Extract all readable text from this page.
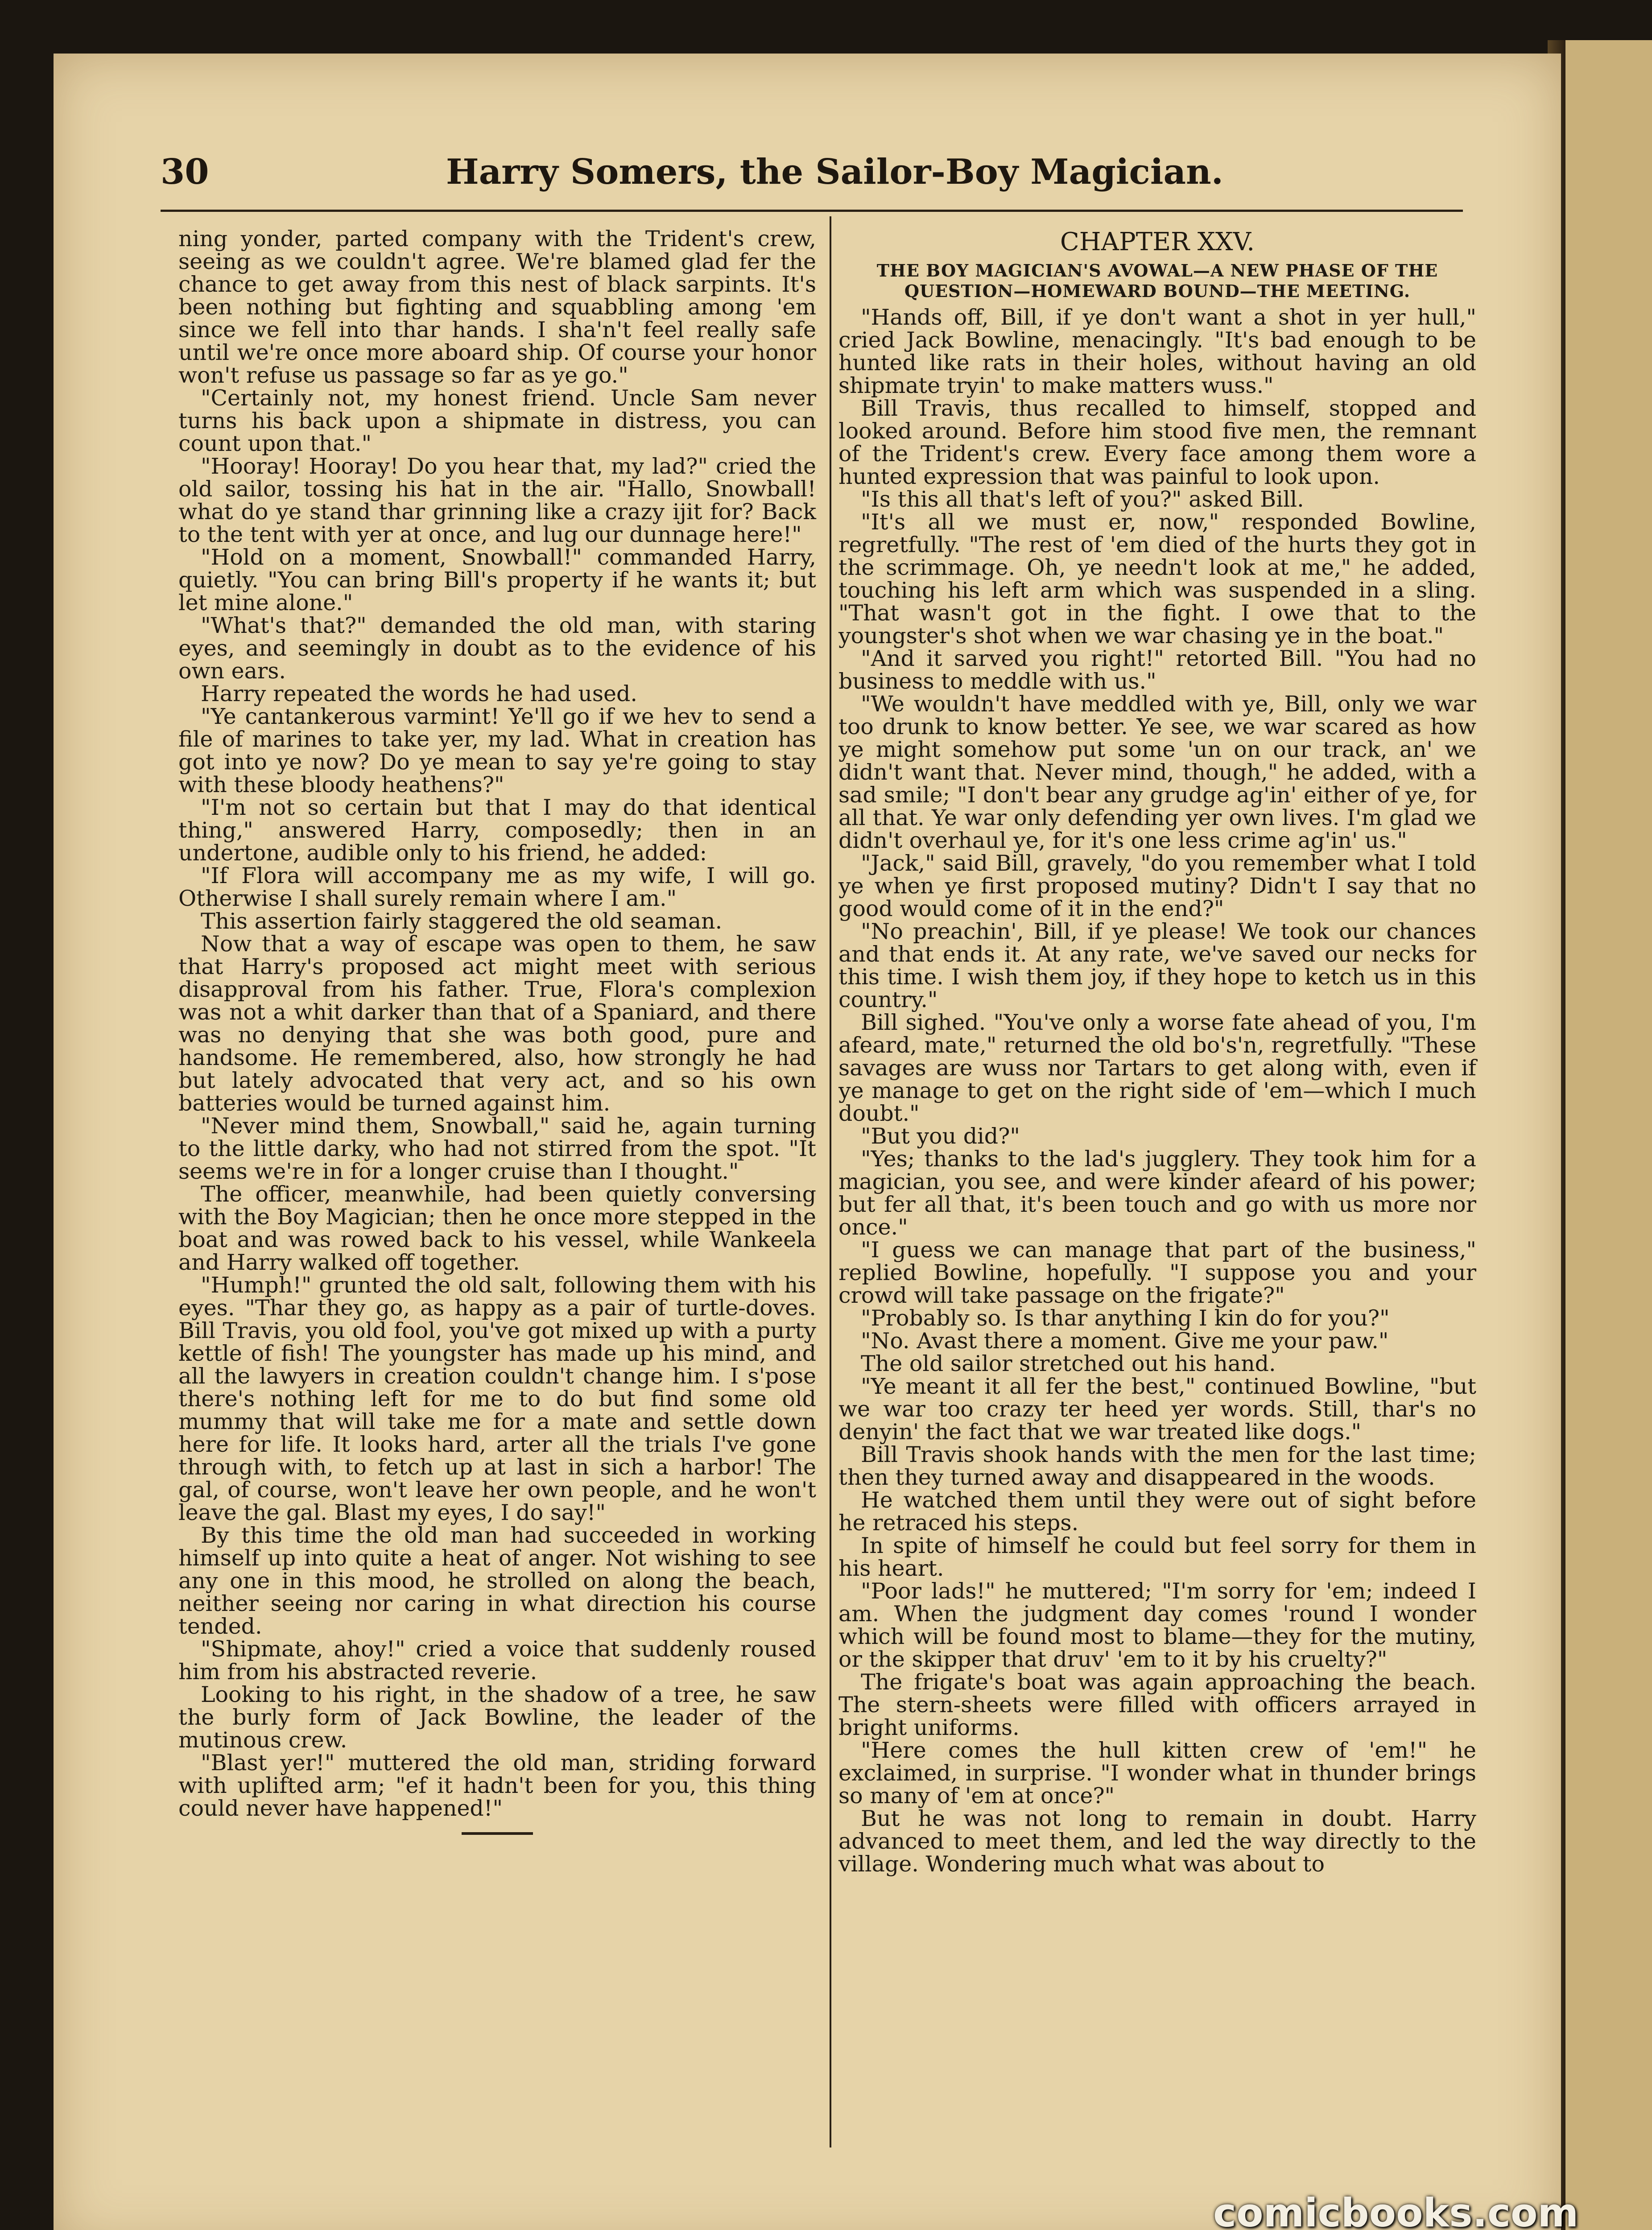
30	Harry Somers, the Sailor-Boy Magician.

ning yonder, parted company with the Trident's crew, seeing as we couldn't agree. We're blamed glad fer the chance to get away from this nest of black sarpints. It's been nothing but fighting and squabbling among 'em since we fell into thar hands. I sha'n't feel really safe until we're once more aboard ship. Of course your honor won't refuse us passage so far as ye go."

"Certainly not, my honest friend. Uncle Sam never turns his back upon a shipmate in distress, you can count upon that."

"Hooray! Hooray! Do you hear that, my lad?" cried the old sailor, tossing his hat in the air. "Hallo, Snowball! what do ye stand thar grinning like a crazy ijit for? Back to the tent with yer at once, and lug our dunnage here!"

"Hold on a moment, Snowball!" commanded Harry, quietly. "You can bring Bill's property if he wants it; but let mine alone."

"What's that?" demanded the old man, with staring eyes, and seemingly in doubt as to the evidence of his own ears.

Harry repeated the words he had used.

"Ye cantankerous varmint! Ye'll go if we hev to send a file of marines to take yer, my lad. What in creation has got into ye now? Do ye mean to say ye're going to stay with these bloody heathens?"

"I'm not so certain but that I may do that identical thing," answered Harry, composedly; then in an undertone, audible only to his friend, he added:

"If Flora will accompany me as my wife, I will go. Otherwise I shall surely remain where I am."

This assertion fairly staggered the old seaman.

Now that a way of escape was open to them, he saw that Harry's proposed act might meet with serious disapproval from his father. True, Flora's complexion was not a whit darker than that of a Spaniard, and there was no denying that she was both good, pure and handsome. He remembered, also, how strongly he had but lately advocated that very act, and so his own batteries would be turned against him.

"Never mind them, Snowball," said he, again turning to the little darky, who had not stirred from the spot. "It seems we're in for a longer cruise than I thought."

The officer, meanwhile, had been quietly conversing with the Boy Magician; then he once more stepped in the boat and was rowed back to his vessel, while Wankeela and Harry walked off together.

"Humph!" grunted the old salt, following them with his eyes. "Thar they go, as happy as a pair of turtle-doves. Bill Travis, you old fool, you've got mixed up with a purty kettle of fish! The youngster has made up his mind, and all the lawyers in creation couldn't change him. I s'pose there's nothing left for me to do but find some old mummy that will take me for a mate and settle down here for life. It looks hard, arter all the trials I've gone through with, to fetch up at last in sich a harbor! The gal, of course, won't leave her own people, and he won't leave the gal. Blast my eyes, I do say!"

By this time the old man had succeeded in working himself up into quite a heat of anger. Not wishing to see any one in this mood, he strolled on along the beach, neither seeing nor caring in what direction his course tended.

"Shipmate, ahoy!" cried a voice that suddenly roused him from his abstracted reverie.

Looking to his right, in the shadow of a tree, he saw the burly form of Jack Bowline, the leader of the mutinous crew.

"Blast yer!" muttered the old man, striding forward with uplifted arm; "ef it hadn't been for you, this thing could never have happened!"

CHAPTER XXV.
THE BOY MAGICIAN'S AVOWAL—A NEW PHASE OF THE QUESTION—HOMEWARD BOUND—THE MEETING.

"Hands off, Bill, if ye don't want a shot in yer hull," cried Jack Bowline, menacingly. "It's bad enough to be hunted like rats in their holes, without having an old shipmate tryin' to make matters wuss."

Bill Travis, thus recalled to himself, stopped and looked around. Before him stood five men, the remnant of the Trident's crew. Every face among them wore a hunted expression that was painful to look upon.

"Is this all that's left of you?" asked Bill.

"It's all we must er, now," responded Bowline, regretfully. "The rest of 'em died of the hurts they got in the scrimmage. Oh, ye needn't look at me," he added, touching his left arm which was suspended in a sling. "That wasn't got in the fight. I owe that to the youngster's shot when we war chasing ye in the boat."

"And it sarved you right!" retorted Bill. "You had no business to meddle with us."

"We wouldn't have meddled with ye, Bill, only we war too drunk to know better. Ye see, we war scared as how ye might somehow put some 'un on our track, an' we didn't want that. Never mind, though," he added, with a sad smile; "I don't bear any grudge ag'in' either of ye, for all that. Ye war only defending yer own lives. I'm glad we didn't overhaul ye, for it's one less crime ag'in' us."

"Jack," said Bill, gravely, "do you remember what I told ye when ye first proposed mutiny? Didn't I say that no good would come of it in the end?"

"No preachin', Bill, if ye please! We took our chances and that ends it. At any rate, we've saved our necks for this time. I wish them joy, if they hope to ketch us in this country."

Bill sighed. "You've only a worse fate ahead of you, I'm afeard, mate," returned the old bo's'n, regretfully. "These savages are wuss nor Tartars to get along with, even if ye manage to get on the right side of 'em—which I much doubt."

"But you did?"

"Yes; thanks to the lad's jugglery. They took him for a magician, you see, and were kinder afeard of his power; but fer all that, it's been touch and go with us more nor once."

"I guess we can manage that part of the business," replied Bowline, hopefully. "I suppose you and your crowd will take passage on the frigate?"

"Probably so. Is thar anything I kin do for you?"

"No. Avast there a moment. Give me your paw."

The old sailor stretched out his hand.

"Ye meant it all fer the best," continued Bowline, "but we war too crazy ter heed yer words. Still, thar's no denyin' the fact that we war treated like dogs."

Bill Travis shook hands with the men for the last time; then they turned away and disappeared in the woods.

He watched them until they were out of sight before he retraced his steps.

In spite of himself he could but feel sorry for them in his heart.

"Poor lads!" he muttered; "I'm sorry for 'em; indeed I am. When the judgment day comes 'round I wonder which will be found most to blame—they for the mutiny, or the skipper that druv' 'em to it by his cruelty?"

The frigate's boat was again approaching the beach. The stern-sheets were filled with officers arrayed in bright uniforms.

"Here comes the hull kitten crew of 'em!" he exclaimed, in surprise. "I wonder what in thunder brings so many of 'em at once?"

But he was not long to remain in doubt. Harry advanced to meet them, and led the way directly to the village. Wondering much what was about to

comicbooks.com
